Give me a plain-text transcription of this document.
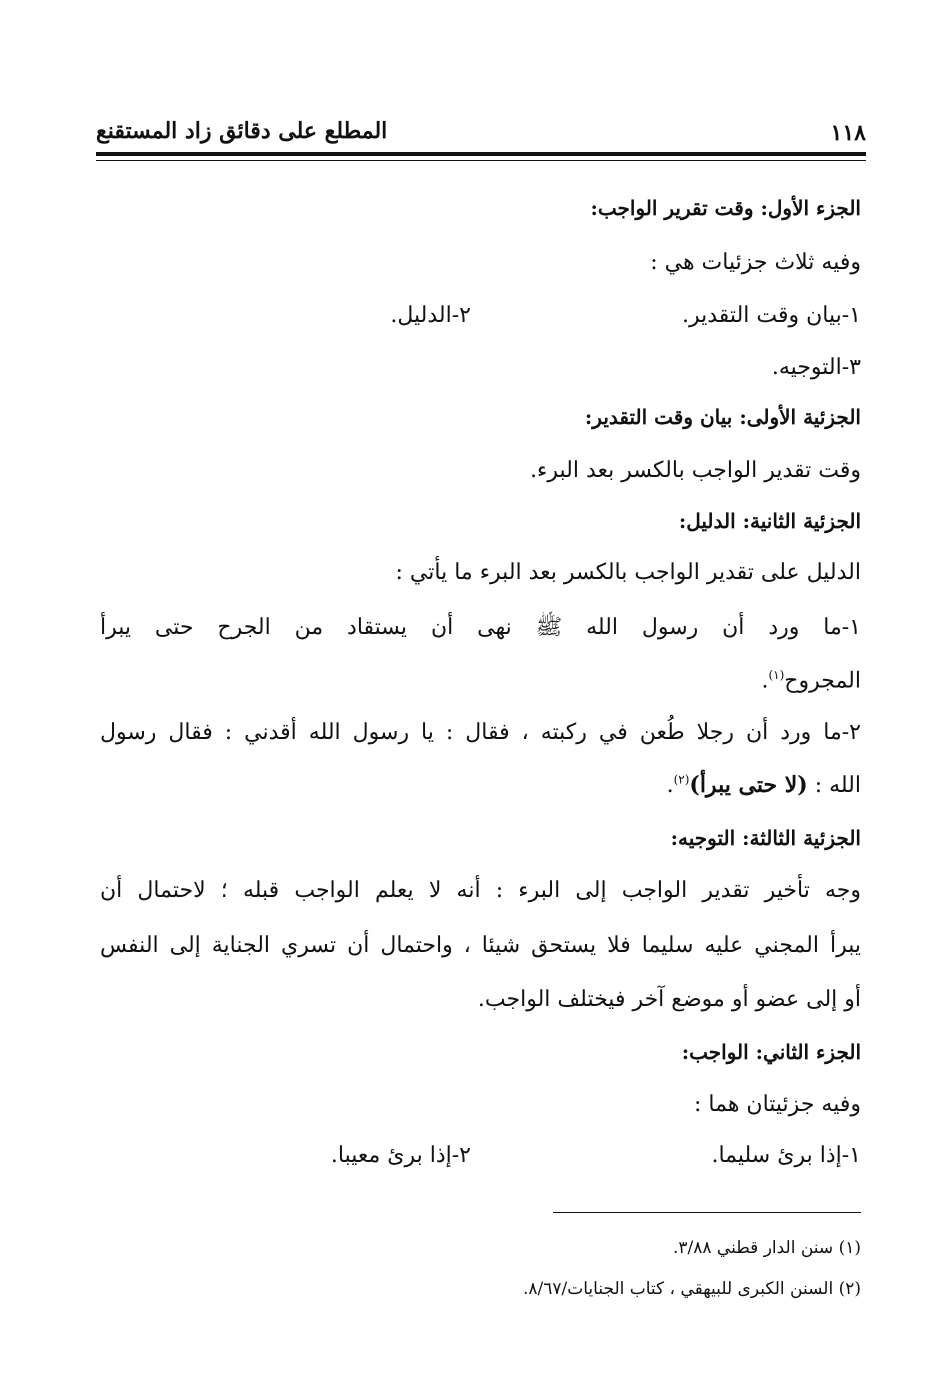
١١٨
المطلع على دقائق زاد المستقنع
الجزء الأول: وقت تقرير الواجب:
وفيه ثلاث جزئيات هي :
١-بيان وقت التقدير.
٢-الدليل.
٣-التوجيه.
الجزئية الأولى: بيان وقت التقدير:
وقت تقدير الواجب بالكسر بعد البرء.
الجزئية الثانية: الدليل:
الدليل على تقدير الواجب بالكسر بعد البرء ما يأتي :
١-ما ورد أن رسول الله ﷺ نهى أن يستقاد من الجرح حتى يبرأ
المجروح$^{(١)}$.
٢-ما ورد أن رجلا طُعن في ركبته ، فقال : يا رسول الله أقدني : فقال رسول
الله : (لا حتى يبرأ)$^{(٢)}$.
الجزئية الثالثة: التوجيه:
وجه تأخير تقدير الواجب إلى البرء : أنه لا يعلم الواجب قبله ؛ لاحتمال أن
يبرأ المجني عليه سليما فلا يستحق شيئا ، واحتمال أن تسري الجناية إلى النفس
أو إلى عضو أو موضع آخر فيختلف الواجب.
الجزء الثاني: الواجب:
وفيه جزئيتان هما :
١-إذا برئ سليما.
٢-إذا برئ معيبا.
(١) سنن الدار قطني ٣/٨٨.
(٢) السنن الكبرى للبيهقي ، كتاب الجنايات/٨/٦٧.
